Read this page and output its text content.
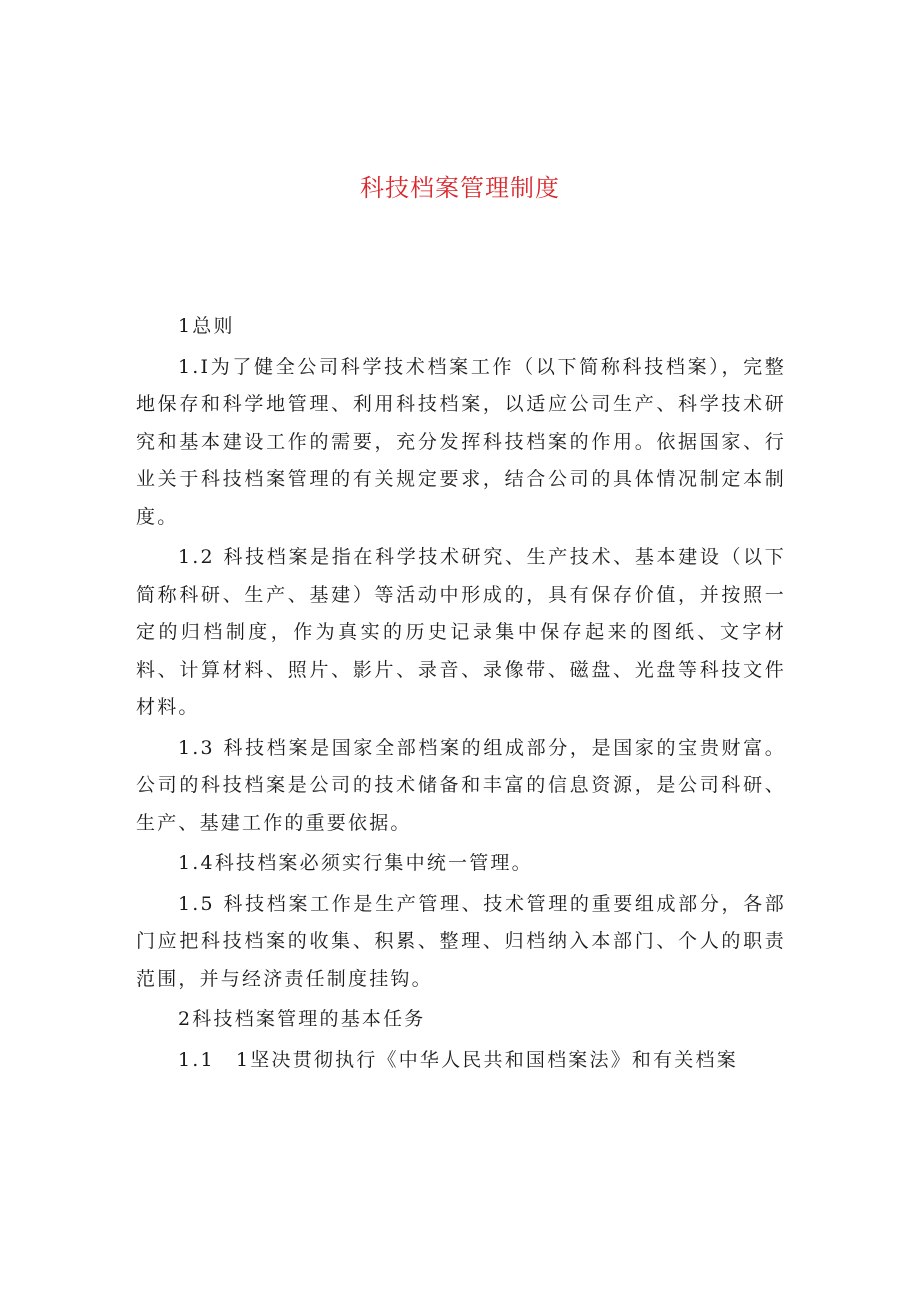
科技档案管理制度

1总则

1.I为了健全公司科学技术档案工作（以下简称科技档案），完整地保存和科学地管理、利用科技档案，以适应公司生产、科学技术研究和基本建设工作的需要，充分发挥科技档案的作用。依据国家、行业关于科技档案管理的有关规定要求，结合公司的具体情况制定本制度。

1.2 科技档案是指在科学技术研究、生产技术、基本建设（以下简称科研、生产、基建）等活动中形成的，具有保存价值，并按照一定的归档制度，作为真实的历史记录集中保存起来的图纸、文字材料、计算材料、照片、影片、录音、录像带、磁盘、光盘等科技文件材料。

1.3 科技档案是国家全部档案的组成部分，是国家的宝贵财富。公司的科技档案是公司的技术储备和丰富的信息资源，是公司科研、生产、基建工作的重要依据。

1.4科技档案必须实行集中统一管理。

1.5 科技档案工作是生产管理、技术管理的重要组成部分，各部门应把科技档案的收集、积累、整理、归档纳入本部门、个人的职责范围，并与经济责任制度挂钩。

2科技档案管理的基本任务

1.1　1坚决贯彻执行《中华人民共和国档案法》和有关档案
